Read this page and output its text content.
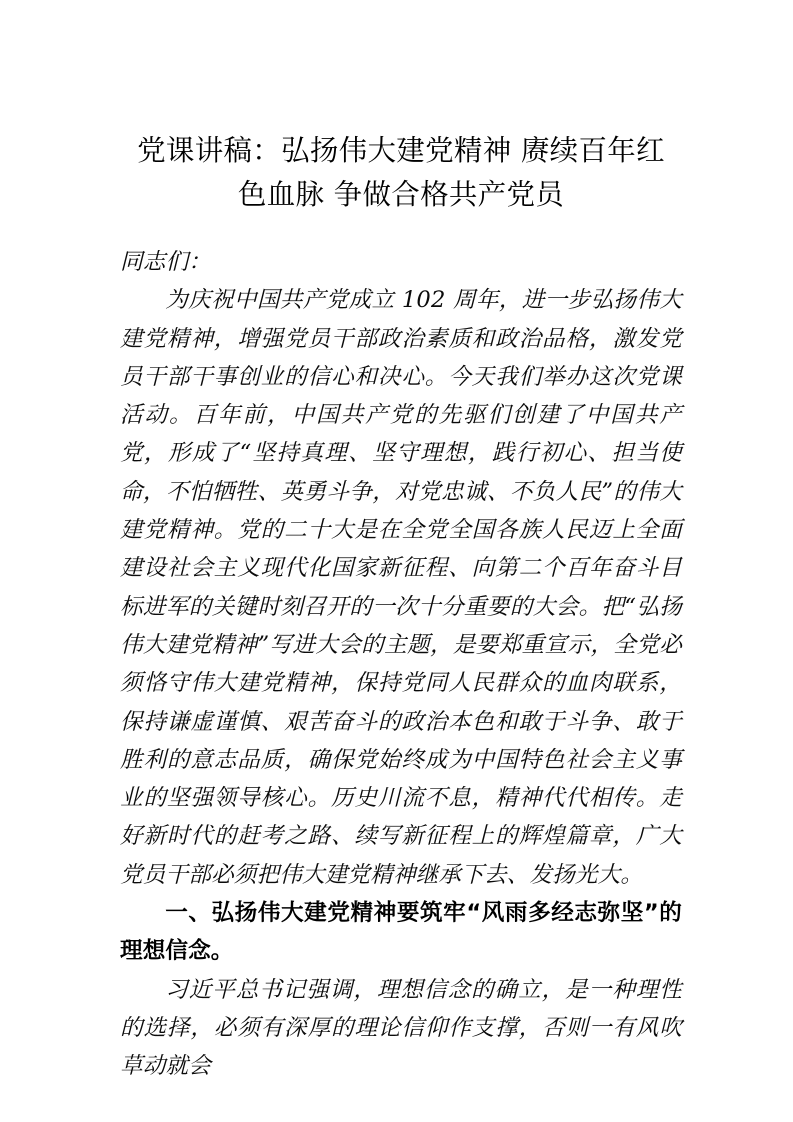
党课讲稿：弘扬伟大建党精神 赓续百年红
色血脉 争做合格共产党员

同志们：

为庆祝中国共产党成立 102 周年，进一步弘扬伟大建党精神，增强党员干部政治素质和政治品格，激发党员干部干事创业的信心和决心。今天我们举办这次党课活动。百年前，中国共产党的先驱们创建了中国共产党，形成了“坚持真理、坚守理想，践行初心、担当使命，不怕牺牲、英勇斗争，对党忠诚、不负人民”的伟大建党精神。党的二十大是在全党全国各族人民迈上全面建设社会主义现代化国家新征程、向第二个百年奋斗目标进军的关键时刻召开的一次十分重要的大会。把“弘扬伟大建党精神”写进大会的主题，是要郑重宣示，全党必须恪守伟大建党精神，保持党同人民群众的血肉联系，保持谦虚谨慎、艰苦奋斗的政治本色和敢于斗争、敢于胜利的意志品质，确保党始终成为中国特色社会主义事业的坚强领导核心。历史川流不息，精神代代相传。走好新时代的赶考之路、续写新征程上的辉煌篇章，广大党员干部必须把伟大建党精神继承下去、发扬光大。

一、弘扬伟大建党精神要筑牢“风雨多经志弥坚”的理想信念。

习近平总书记强调，理想信念的确立，是一种理性的选择，必须有深厚的理论信仰作支撑，否则一有风吹草动就会
